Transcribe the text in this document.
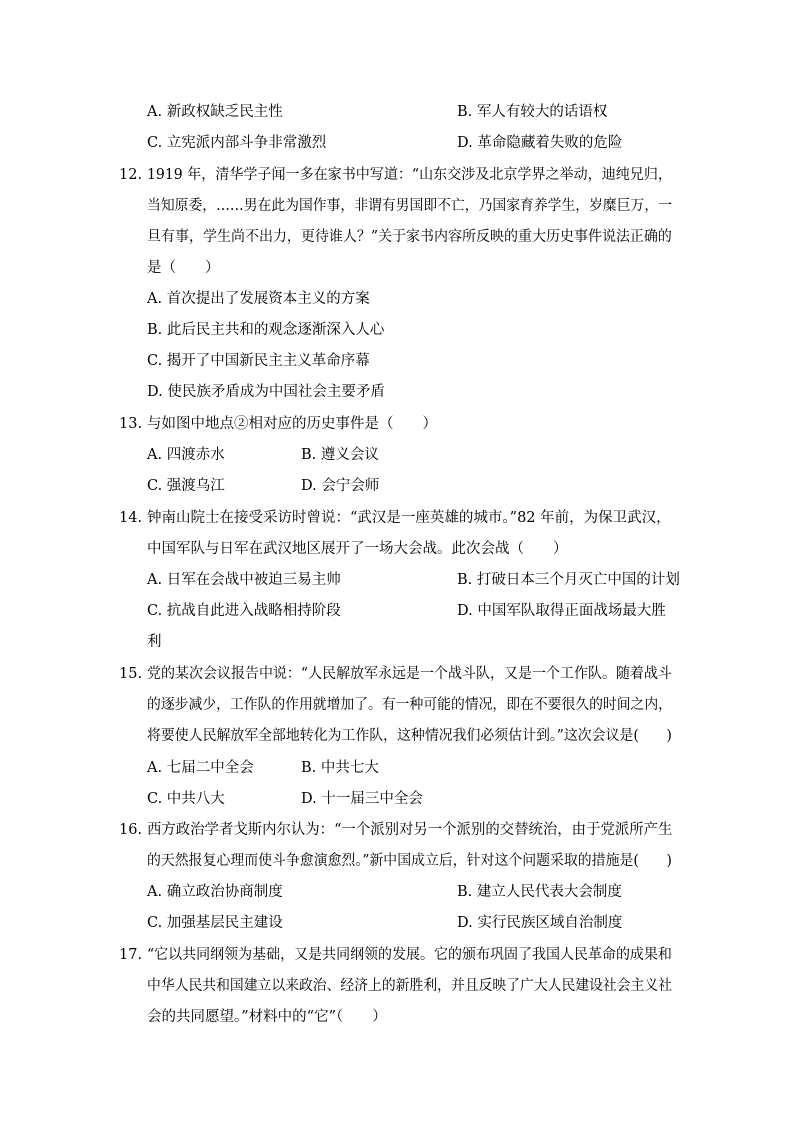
A. 新政权缺乏民主性	B. 军人有较大的话语权
C. 立宪派内部斗争非常激烈	D. 革命隐藏着失败的危险
12. 1919 年，清华学子闻一多在家书中写道：“山东交涉及北京学界之举动，迪纯兄归，
当知原委，……男在此为国作事，非谓有男国即不亡，乃国家育养学生，岁糜巨万，一
旦有事，学生尚不出力，更待谁人？”关于家书内容所反映的重大历史事件说法正确的
是（　　）
A. 首次提出了发展资本主义的方案
B. 此后民主共和的观念逐渐深入人心
C. 揭开了中国新民主主义革命序幕
D. 使民族矛盾成为中国社会主要矛盾
13. 与如图中地点②相对应的历史事件是（　　）
A. 四渡赤水	B. 遵义会议
C. 强渡乌江	D. 会宁会师
14. 钟南山院士在接受采访时曾说：“武汉是一座英雄的城市。”82 年前，为保卫武汉，
中国军队与日军在武汉地区展开了一场大会战。此次会战（　　）
A. 日军在会战中被迫三易主帅	B. 打破日本三个月灭亡中国的计划
C. 抗战自此进入战略相持阶段	D. 中国军队取得正面战场最大胜
利
15. 党的某次会议报告中说：“人民解放军永远是一个战斗队，又是一个工作队。随着战斗
的逐步减少，工作队的作用就增加了。有一种可能的情况，即在不要很久的时间之内，
将要使人民解放军全部地转化为工作队，这种情况我们必须估计到。”这次会议是(　　)
A. 七届二中全会	B. 中共七大
C. 中共八大	D. 十一届三中全会
16. 西方政治学者戈斯内尔认为：“一个派别对另一个派别的交替统治，由于党派所产生
的天然报复心理而使斗争愈演愈烈。”新中国成立后，针对这个问题采取的措施是(　　)
A. 确立政治协商制度	B. 建立人民代表大会制度
C. 加强基层民主建设	D. 实行民族区域自治制度
17. “它以共同纲领为基础，又是共同纲领的发展。它的颁布巩固了我国人民革命的成果和
中华人民共和国建立以来政治、经济上的新胜利，并且反映了广大人民建设社会主义社
会的共同愿望。”材料中的“它”（　　）
